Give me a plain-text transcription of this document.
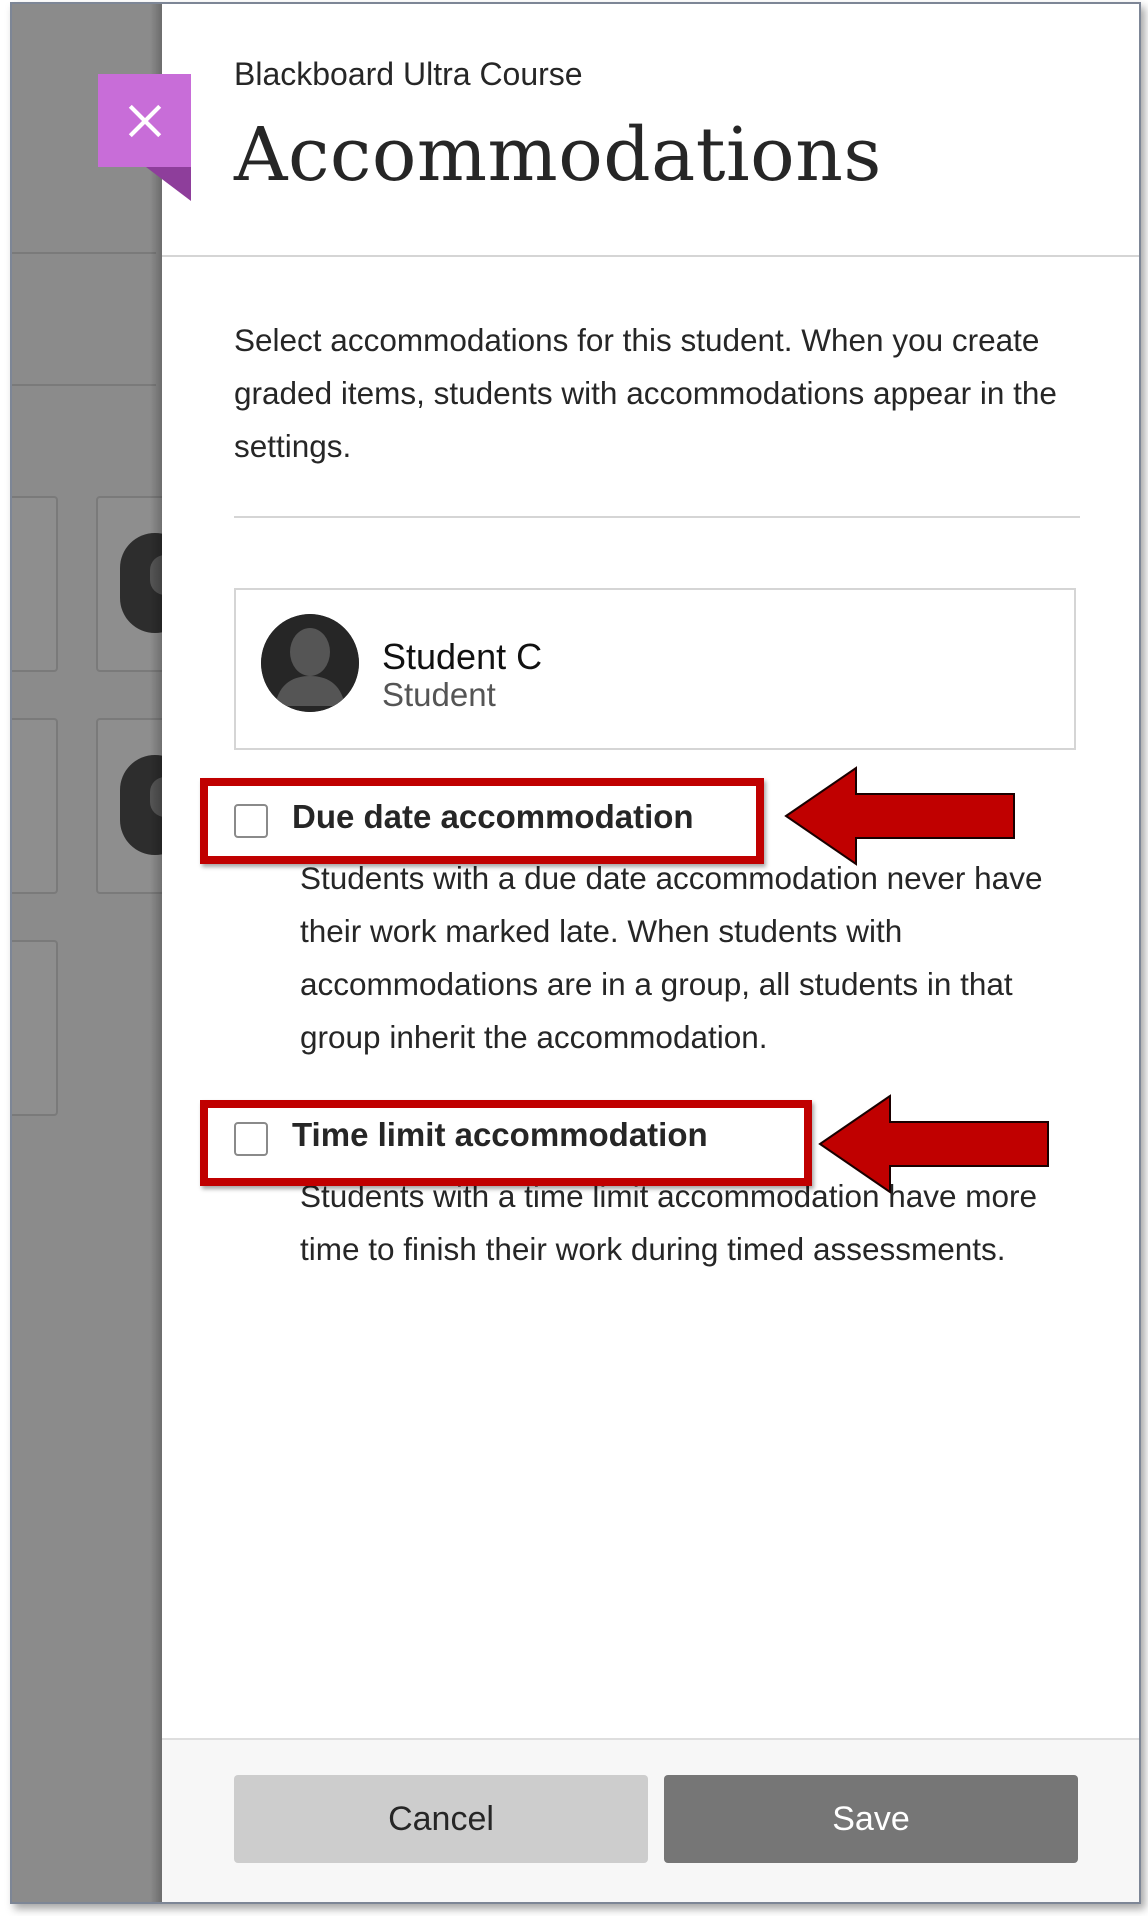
Blackboard Ultra Course
Accommodations
Select accommodations for this student. When you create graded items, students with accommodations appear in the settings.
Student C
Student
Due date accommodation
Students with a due date accommodation never have their work marked late. When students with accommodations are in a group, all students in that group inherit the accommodation.
Time limit accommodation
Students with a time limit accommodation have more time to finish their work during timed assessments.
Cancel	Save
